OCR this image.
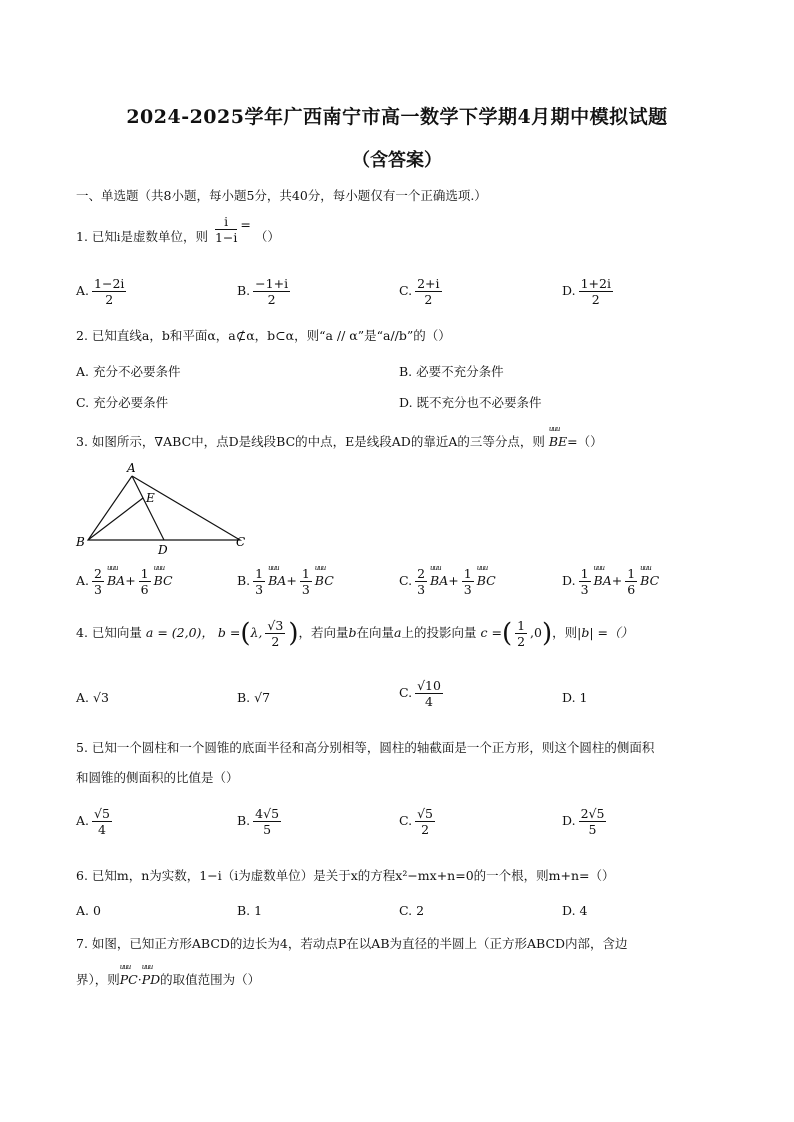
2024-2025学年广西南宁市高一数学下学期4月期中模拟试题
（含答案）
一、单选题（共8小题，每小题5分，共40分，每小题仅有一个正确选项.）
1. 已知i是虚数单位，则 $\frac{i}{1-i}$ = （）
A. $\frac{1-2i}{2}$	B. $\frac{-1+i}{2}$	C. $\frac{2+i}{2}$	D. $\frac{1+2i}{2}$
2. 已知直线a，b和平面α，a⊄α，b⊂α，则“a // α”是“a//b”的（）
A. 充分不必要条件	B. 必要不充分条件
C. 充分必要条件	D. 既不充分也不必要条件
3. 如图所示，∇ABC中，点D是线段BC的中点，E是线段AD的靠近A的三等分点，则 uuu BE=（）
A
B	C
D
E
A. $\frac{2}{3}$ uuu $BA+ \frac{1}{6}$ uuu BC	B. $\frac{1}{3}$ uuu $BA+ \frac{1}{3}$ uuu BC	C. $\frac{2}{3}$ uuu $BA+ \frac{1}{3}$ uuu BC	D. $\frac{1}{3}$ uuu $BA+ \frac{1}{6}$ uuu BC
4. 已知向量 a = (2,0)， b =(λ, $\frac{√3}{2}$ )，若向量b在向量a上的投影向量 c =( $\frac{1}{2} ,0$)，则|b| =（）
A. √3	B. √7	C. $\frac{√10}{4}$	D. 1
5. 已知一个圆柱和一个圆锥的底面半径和高分别相等，圆柱的轴截面是一个正方形，则这个圆柱的侧面积
和圆锥的侧面积的比值是（）
A. $\frac{√5}{4}$	B. $\frac{4√5}{5}$	C. $\frac{√5}{2}$	D. $\frac{2√5}{5}$
6. 已知m，n为实数，1−i（i为虚数单位）是关于x的方程x²−mx+n=0的一个根，则m+n=（）
A. 0	B. 1	C. 2	D. 4
7. 如图，已知正方形ABCD的边长为4，若动点P在以AB为直径的半圆上（正方形ABCD内部，含边
界），则uuu PC·uuu PD的取值范围为（）
